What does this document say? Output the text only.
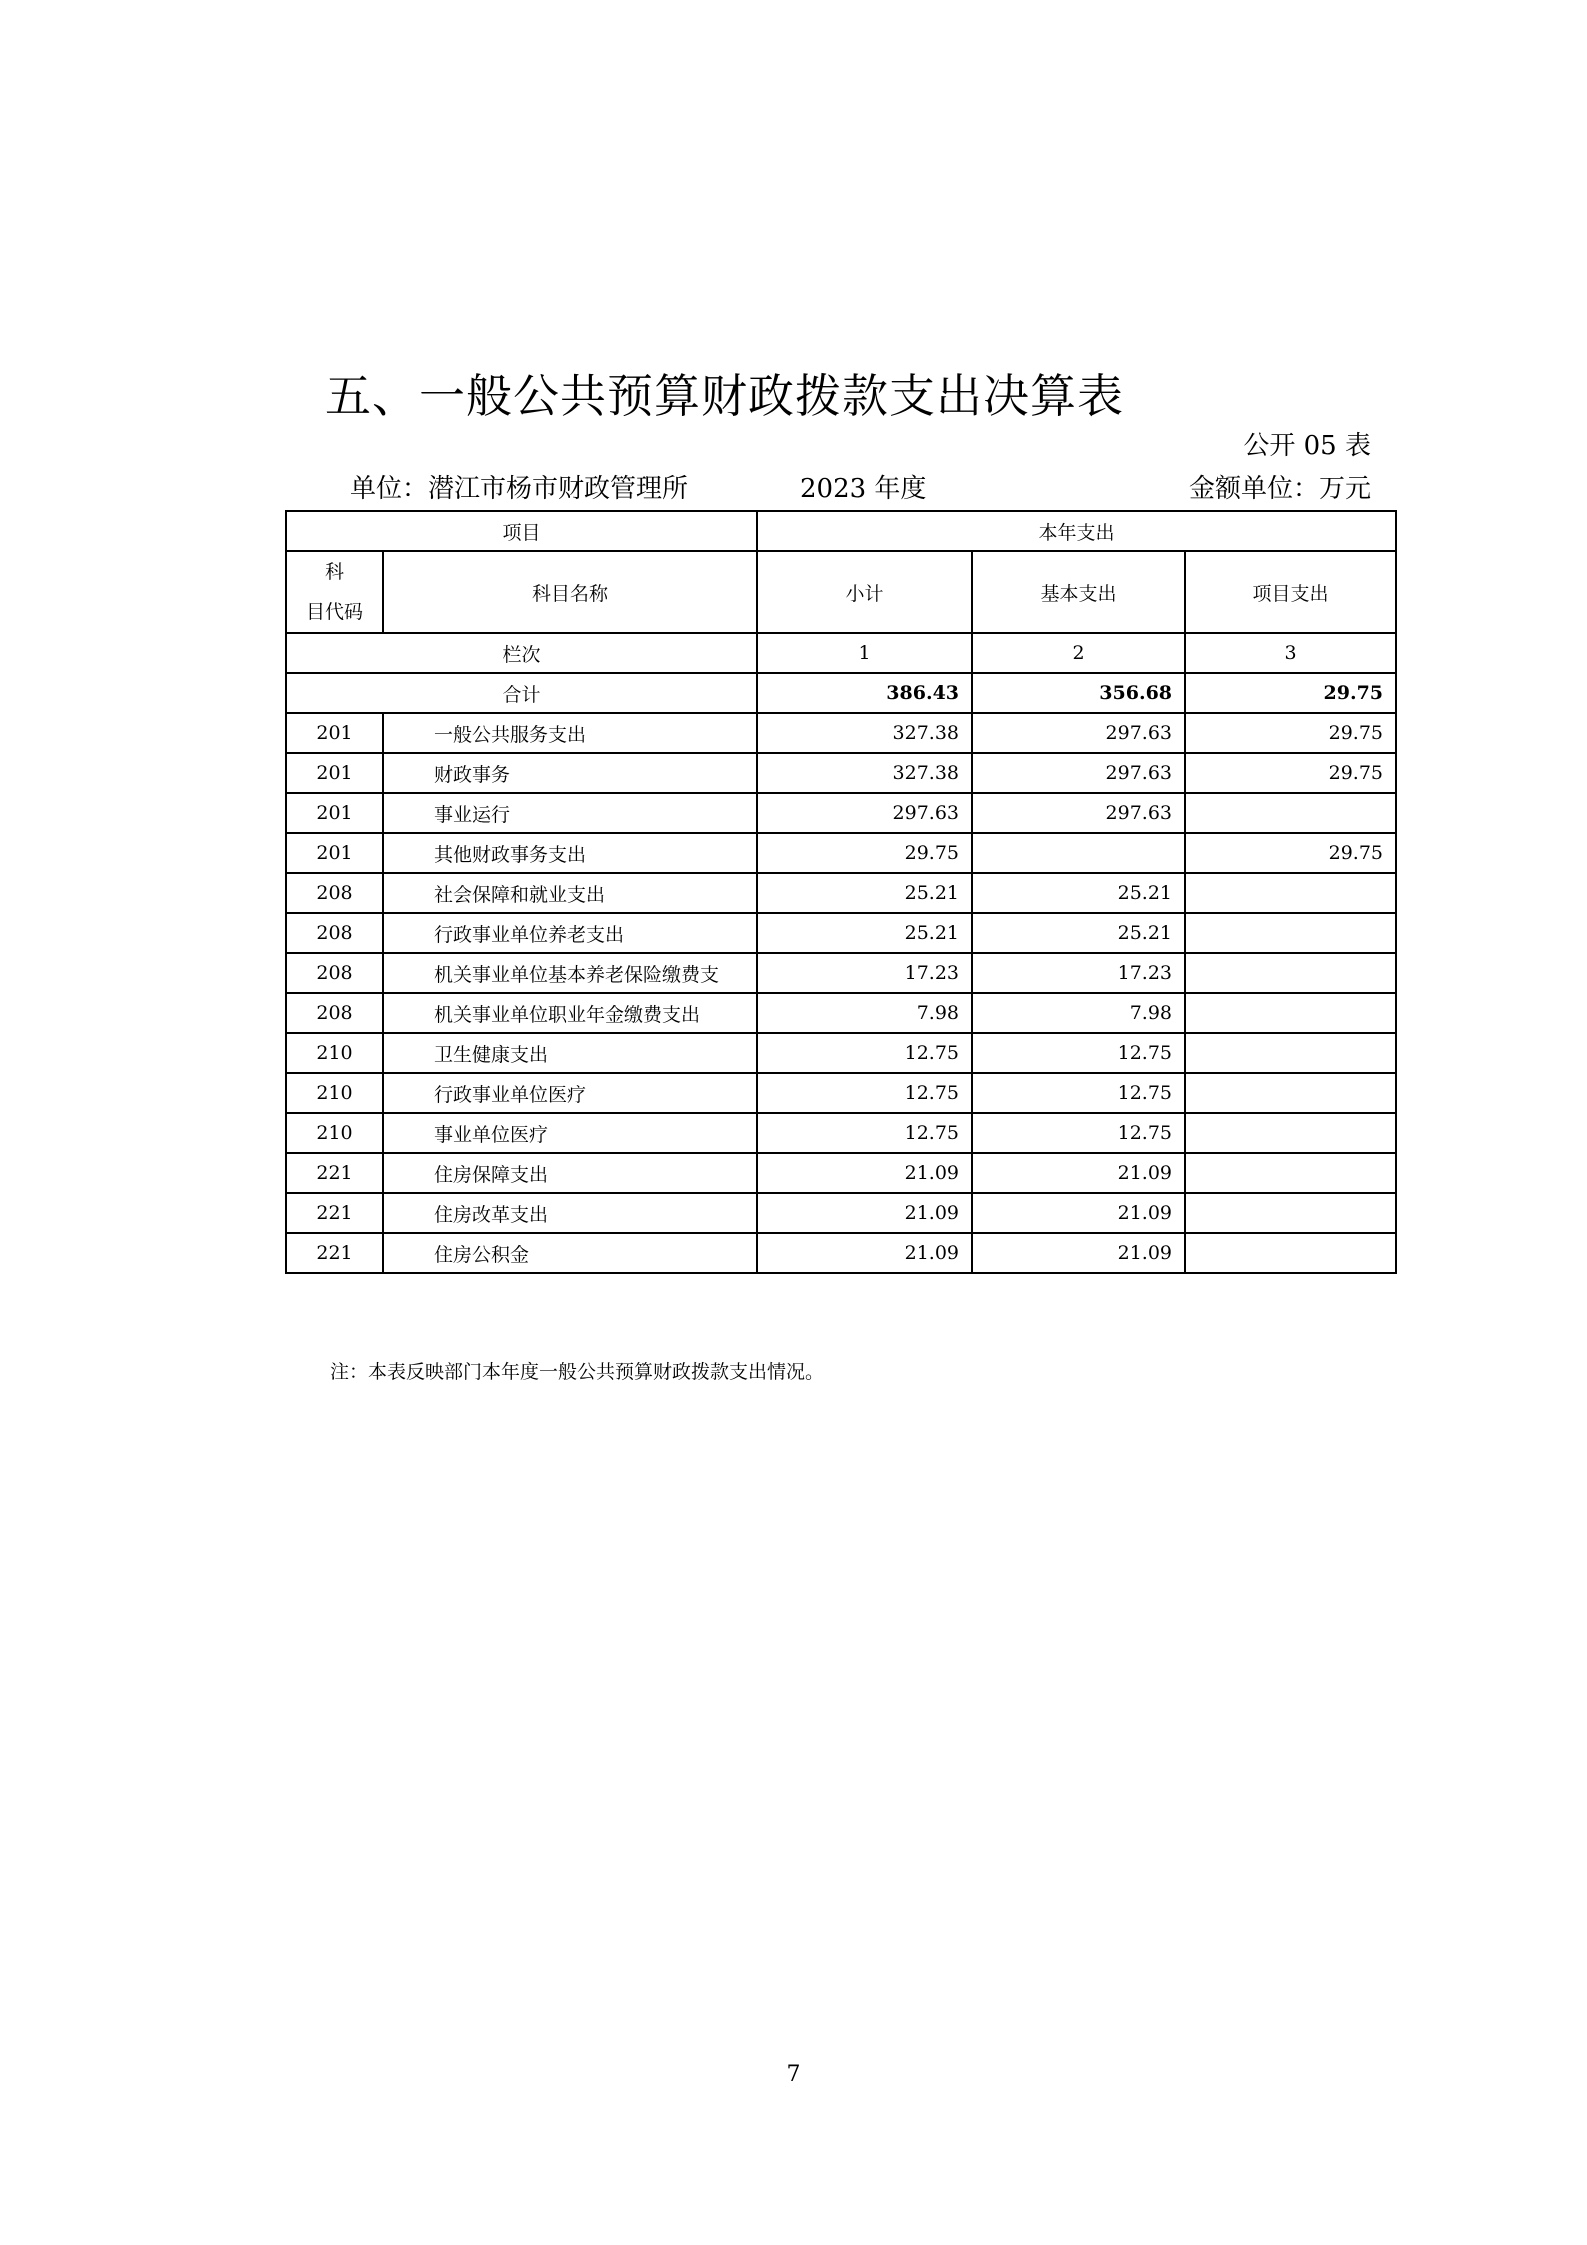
五、一般公共预算财政拨款支出决算表
公开 05 表
单位：潜江市杨市财政管理所	2023 年度	金额单位：万元
项目		本年支出		

科
目代码	科目名称	小计	基本支出	项目支出
栏次		1	2	3
合计		386.43	356.68	29.75
201	一般公共服务支出	327.38	297.63	29.75
201	财政事务	327.38	297.63	29.75
201	事业运行	297.63	297.63	
201	其他财政事务支出	29.75		29.75
208	社会保障和就业支出	25.21	25.21	
208	行政事业单位养老支出	25.21	25.21	
208	机关事业单位基本养老保险缴费支	17.23	17.23	
208	机关事业单位职业年金缴费支出	7.98	7.98	
210	卫生健康支出	12.75	12.75	
210	行政事业单位医疗	12.75	12.75	
210	事业单位医疗	12.75	12.75	
221	住房保障支出	21.09	21.09	
221	住房改革支出	21.09	21.09	
221	住房公积金	21.09	21.09	
注：本表反映部门本年度一般公共预算财政拨款支出情况。
7
